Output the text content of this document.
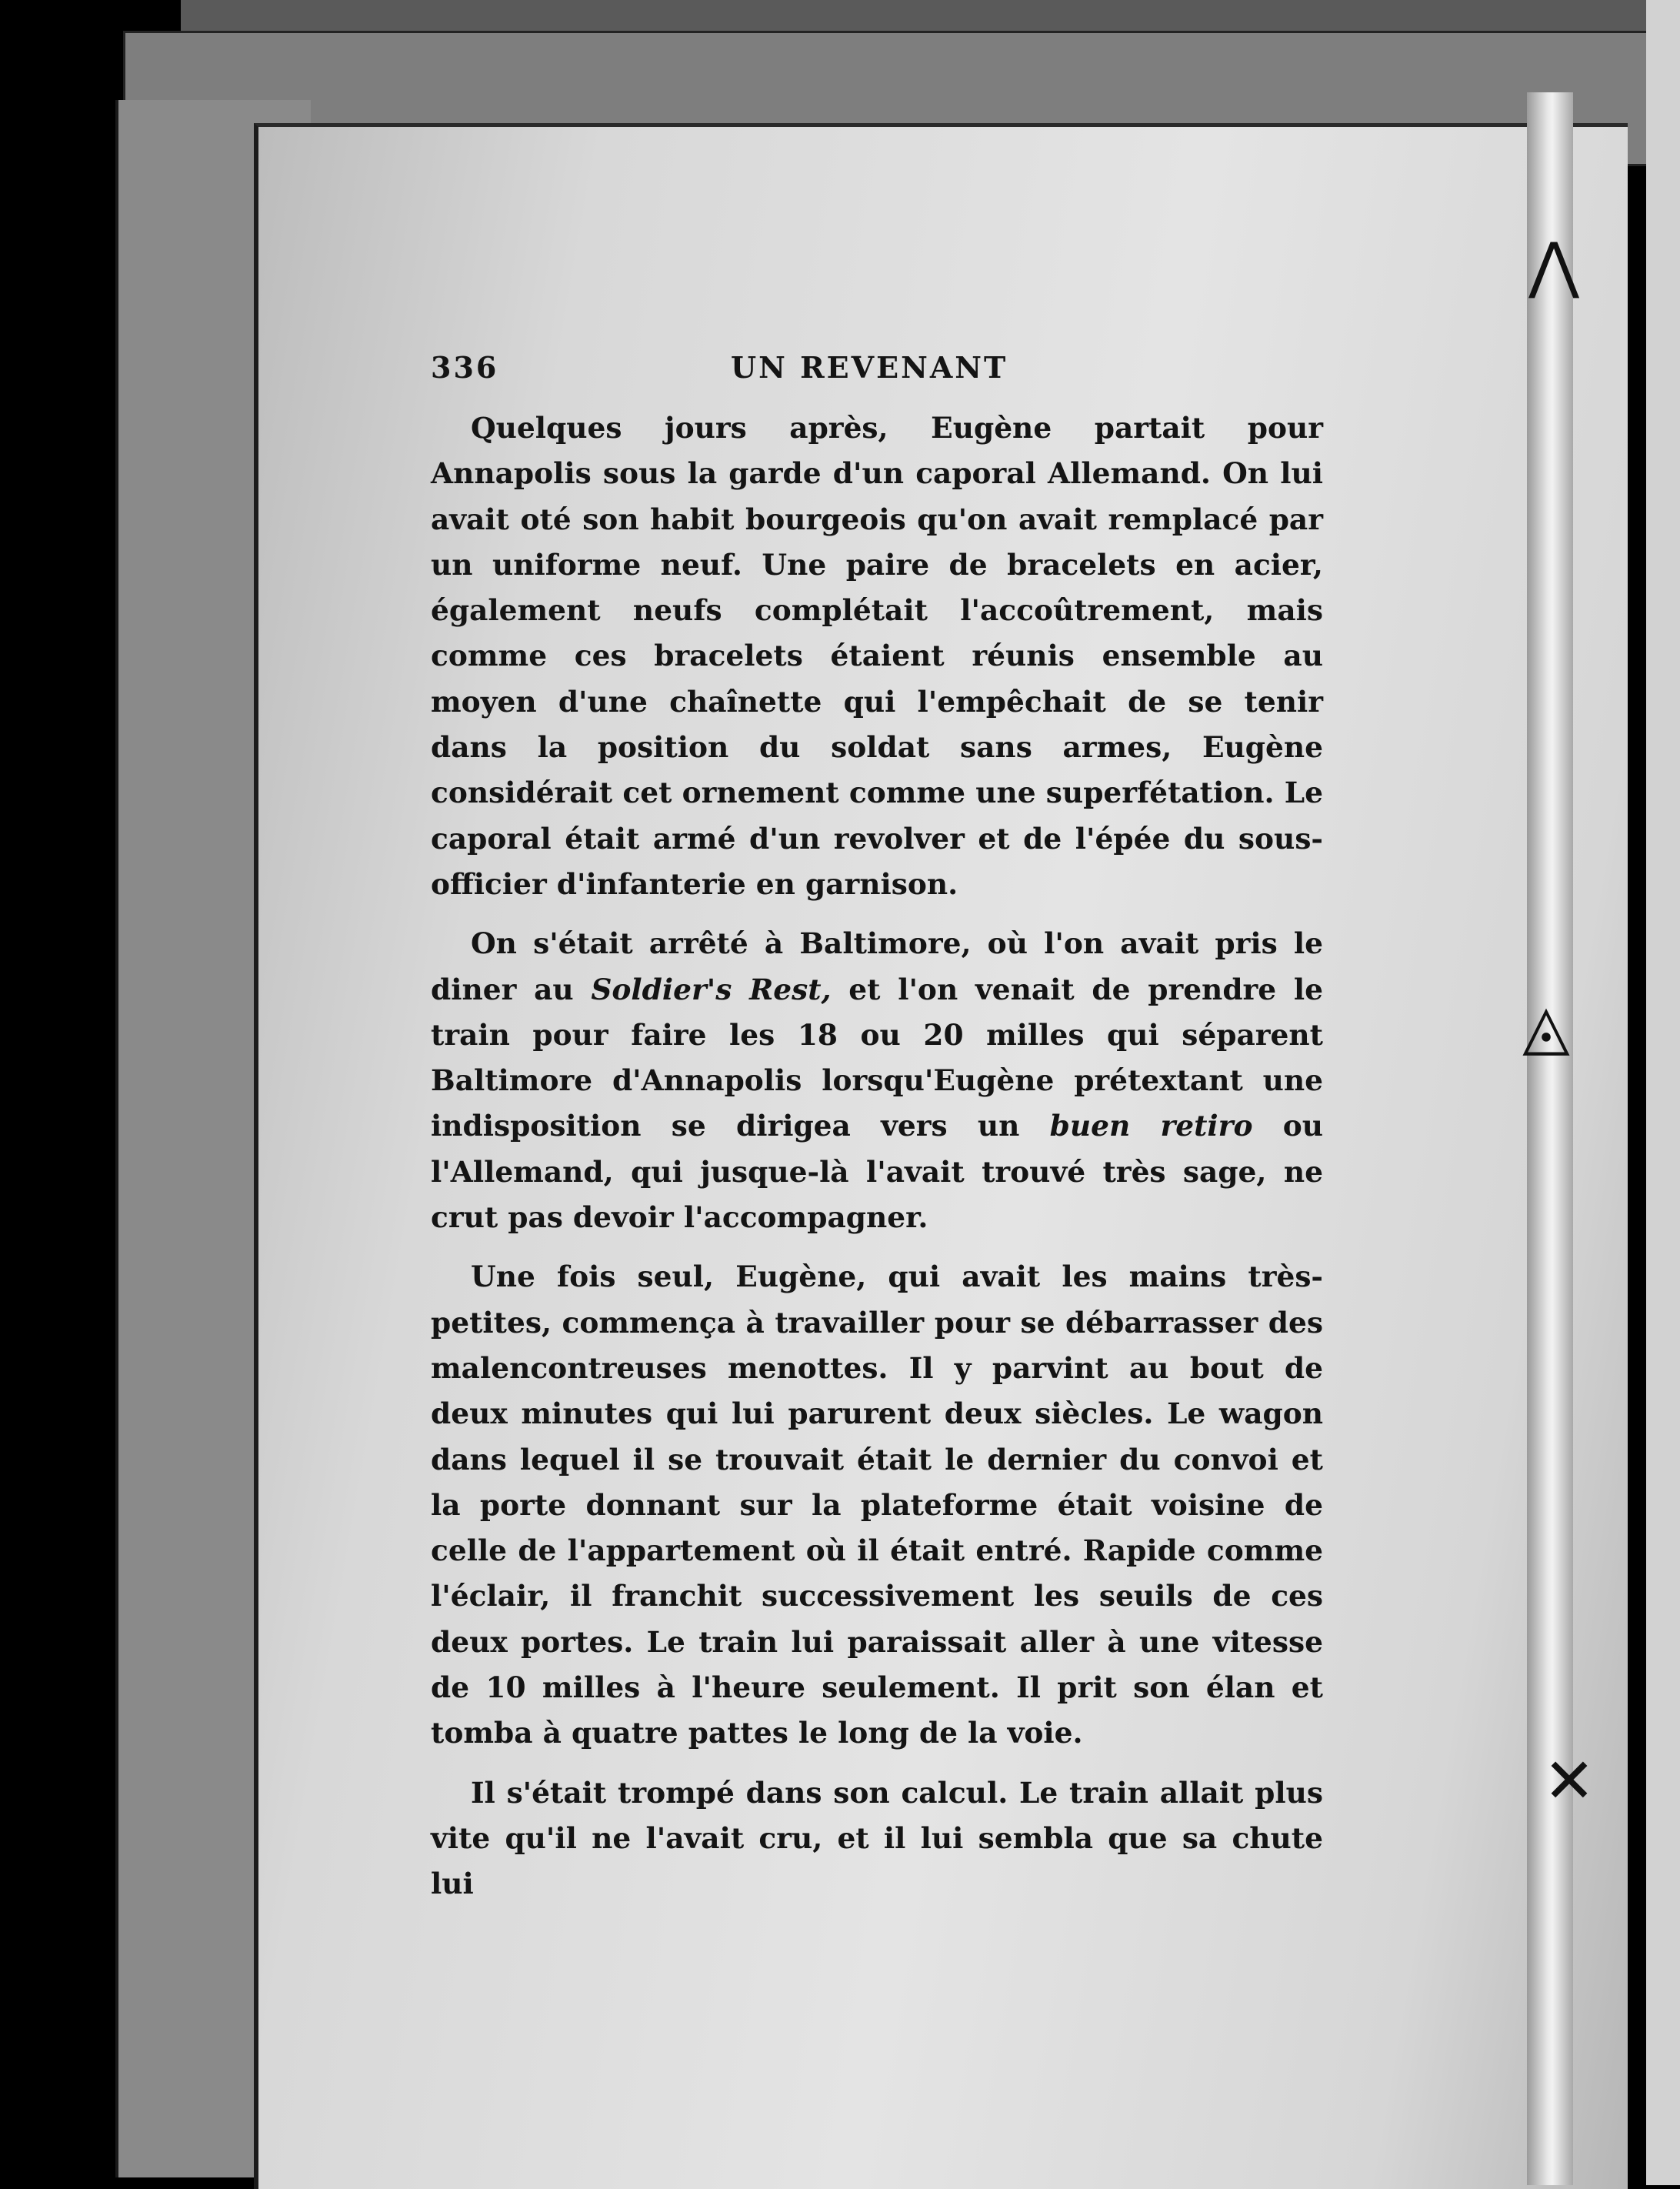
⋀
◬
✕
336	UN REVENANT

Quelques jours après, Eugène partait pour Annapolis sous la garde d'un caporal Allemand. On lui avait oté son habit bourgeois qu'on avait remplacé par un uniforme neuf. Une paire de bracelets en acier, également neufs complétait l'accoûtrement, mais comme ces bracelets étaient réunis ensemble au moyen d'une chaînette qui l'empêchait de se tenir dans la position du soldat sans armes, Eugène considérait cet ornement comme une superfétation. Le caporal était armé d'un revolver et de l'épée du sous-officier d'infanterie en garnison.

On s'était arrêté à Baltimore, où l'on avait pris le diner au Soldier's Rest, et l'on venait de prendre le train pour faire les 18 ou 20 milles qui séparent Baltimore d'Annapolis lorsqu'Eugène prétextant une indisposition se dirigea vers un buen retiro ou l'Allemand, qui jusque-là l'avait trouvé très sage, ne crut pas devoir l'accompagner.

Une fois seul, Eugène, qui avait les mains très-petites, commença à travailler pour se débarrasser des malencontreuses menottes. Il y parvint au bout de deux minutes qui lui parurent deux siècles. Le wagon dans lequel il se trouvait était le dernier du convoi et la porte donnant sur la plateforme était voisine de celle de l'appartement où il était entré. Rapide comme l'éclair, il franchit successivement les seuils de ces deux portes. Le train lui paraissait aller à une vitesse de 10 milles à l'heure seulement. Il prit son élan et tomba à quatre pattes le long de la voie.

Il s'était trompé dans son calcul. Le train allait plus vite qu'il ne l'avait cru, et il lui sembla que sa chute lui
